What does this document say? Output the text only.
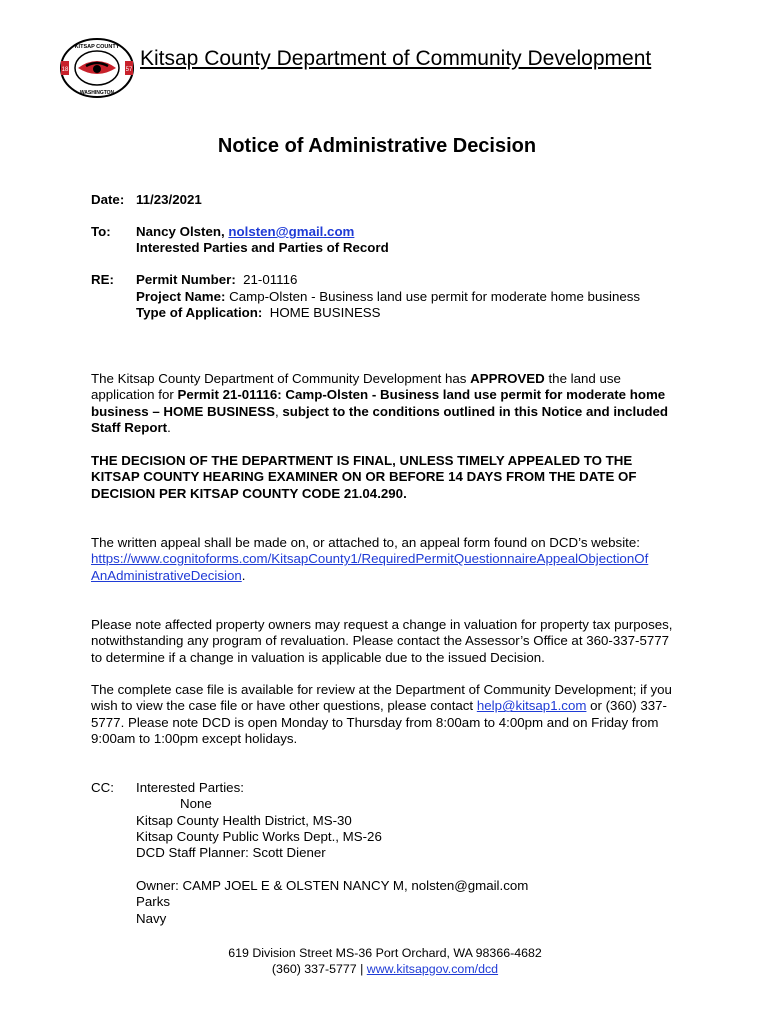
18	57
KITSAP COUNTY
WASHINGTON
Kitsap County Department of Community Development
Notice of Administrative Decision
Date: 11/23/2021
To: Nancy Olsten, nolsten@gmail.com
Interested Parties and Parties of Record
RE: Permit Number: 21-01116
Project Name: Camp-Olsten - Business land use permit for moderate home business
Type of Application: HOME BUSINESS
The Kitsap County Department of Community Development has APPROVED the land use application for Permit 21-01116: Camp-Olsten - Business land use permit for moderate home business – HOME BUSINESS, subject to the conditions outlined in this Notice and included Staff Report.
THE DECISION OF THE DEPARTMENT IS FINAL, UNLESS TIMELY APPEALED TO THE KITSAP COUNTY HEARING EXAMINER ON OR BEFORE 14 DAYS FROM THE DATE OF DECISION PER KITSAP COUNTY CODE 21.04.290.
The written appeal shall be made on, or attached to, an appeal form found on DCD’s website:
https://www.cognitoforms.com/KitsapCounty1/RequiredPermitQuestionnaireAppealObjectionOf
AnAdministrativeDecision.
Please note affected property owners may request a change in valuation for property tax purposes, notwithstanding any program of revaluation. Please contact the Assessor’s Office at 360-337-5777 to determine if a change in valuation is applicable due to the issued Decision.
The complete case file is available for review at the Department of Community Development; if you wish to view the case file or have other questions, please contact help@kitsap1.com or (360) 337-5777. Please note DCD is open Monday to Thursday from 8:00am to 4:00pm and on Friday from 9:00am to 1:00pm except holidays.
CC: Interested Parties:
None
Kitsap County Health District, MS-30
Kitsap County Public Works Dept., MS-26
DCD Staff Planner: Scott Diener
Owner: CAMP JOEL E & OLSTEN NANCY M, nolsten@gmail.com
Parks
Navy
619 Division Street MS-36 Port Orchard, WA 98366-4682
(360) 337-5777 | www.kitsapgov.com/dcd
